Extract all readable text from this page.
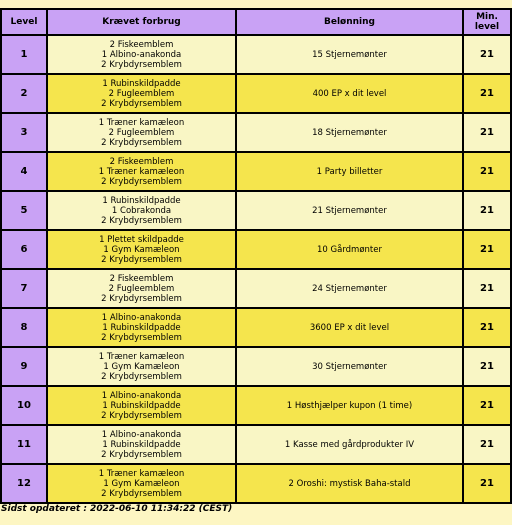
Level	Krævet forbrug	Belønning	Min.
level

1	2 Fiskeemblem
1 Albino-anakonda
2 Krybdyrsemblem	15 Stjernemønter	21
2	1 Rubinskildpadde
2 Fugleemblem
2 Krybdyrsemblem	400 EP x dit level	21
3	1 Træner kamæleon
2 Fugleemblem
2 Krybdyrsemblem	18 Stjernemønter	21
4	2 Fiskeemblem
1 Træner kamæleon
2 Krybdyrsemblem	1 Party billetter	21
5	1 Rubinskildpadde
1 Cobrakonda
2 Krybdyrsemblem	21 Stjernemønter	21
6	1 Plettet skildpadde
1 Gym Kamæleon
2 Krybdyrsemblem	10 Gårdmønter	21
7	2 Fiskeemblem
2 Fugleemblem
2 Krybdyrsemblem	24 Stjernemønter	21
8	1 Albino-anakonda
1 Rubinskildpadde
2 Krybdyrsemblem	3600 EP x dit level	21
9	1 Træner kamæleon
1 Gym Kamæleon
2 Krybdyrsemblem	30 Stjernemønter	21
10	1 Albino-anakonda
1 Rubinskildpadde
2 Krybdyrsemblem	1 Høsthjælper kupon (1 time)	21
11	1 Albino-anakonda
1 Rubinskildpadde
2 Krybdyrsemblem	1 Kasse med gårdprodukter IV	21
12	1 Træner kamæleon
1 Gym Kamæleon
2 Krybdyrsemblem	2 Oroshi: mystisk Baha-stald	21
Sidst opdateret : 2022-06-10 11:34:22 (CEST)
